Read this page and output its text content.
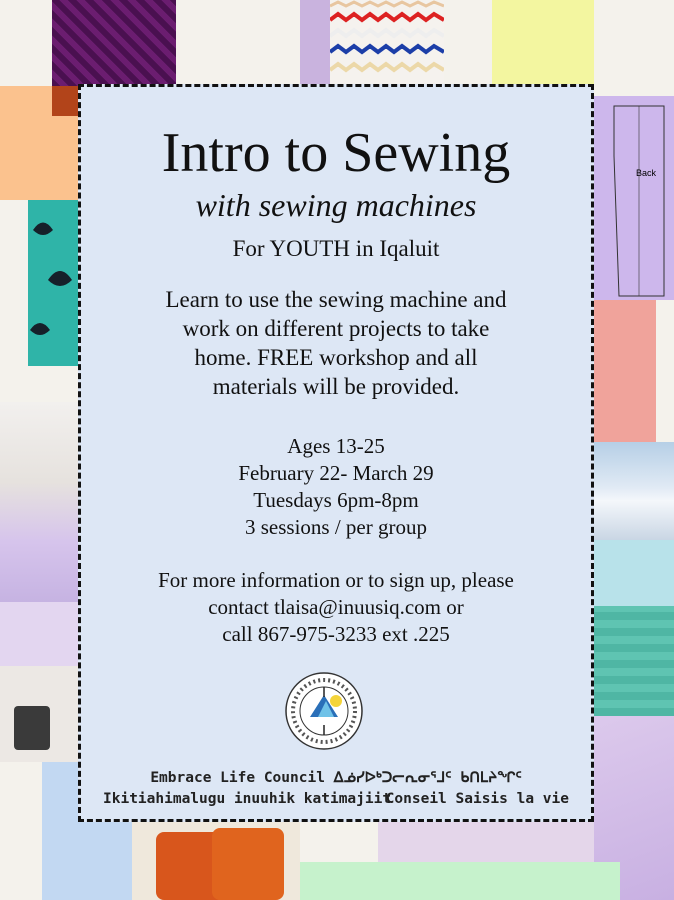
Back
Intro to Sewing
with sewing machines
For YOUTH in Iqaluit
Learn to use the sewing machine and
work on different projects to take
home. FREE workshop and all
materials will be provided.
Ages 13-25
February 22- March 29
Tuesdays 6pm-8pm
3 sessions / per group
For more information or to sign up, please
contact tlaisa@inuusiq.com or
call 867-975-3233 ext .225
Embrace Life Council ᐃᓅᓯᐅᒃᑐᓕᕆᓂᕐᒧᑦ ᑲᑎᒪᔨᖏᑦ
Ikitiahimalugu inuuhik katimajiit
Conseil Saisis la vie
